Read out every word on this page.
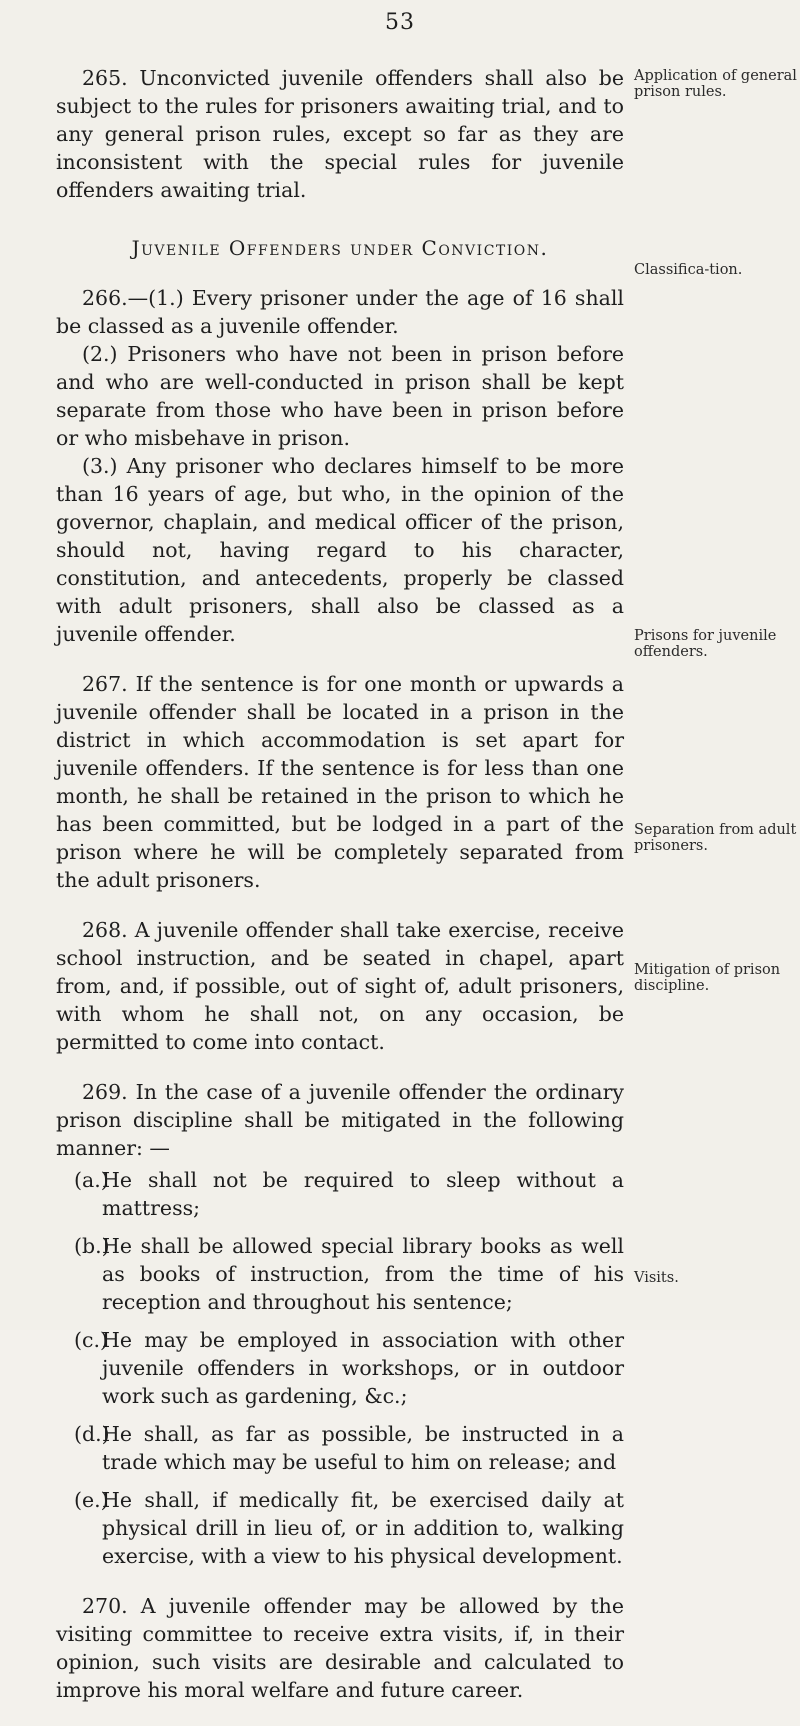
53

265. Unconvicted juvenile offenders shall also be subject to the rules for prisoners awaiting trial, and to any general prison rules, except so far as they are inconsistent with the special rules for juvenile offenders awaiting trial.

Juvenile Offenders under Conviction.

266.—(1.) Every prisoner under the age of 16 shall be classed as a juvenile offender.

(2.) Prisoners who have not been in prison before and who are well-conducted in prison shall be kept separate from those who have been in prison before or who misbehave in prison.

(3.) Any prisoner who declares himself to be more than 16 years of age, but who, in the opinion of the governor, chaplain, and medical officer of the prison, should not, having regard to his character, constitution, and antecedents, properly be classed with adult prisoners, shall also be classed as a juvenile offender.

267. If the sentence is for one month or upwards a juvenile offender shall be located in a prison in the district in which accommodation is set apart for juvenile offenders. If the sentence is for less than one month, he shall be retained in the prison to which he has been committed, but be lodged in a part of the prison where he will be completely separated from the adult prisoners.

268. A juvenile offender shall take exercise, receive school instruction, and be seated in chapel, apart from, and, if possible, out of sight of, adult prisoners, with whom he shall not, on any occasion, be permitted to come into contact.

269. In the case of a juvenile offender the ordinary prison discipline shall be mitigated in the following manner: —

(a.)
He shall not be required to sleep without a mattress;
(b.)
He shall be allowed special library books as well as books of instruction, from the time of his reception and throughout his sentence;
(c.)
He may be employed in association with other juvenile offenders in workshops, or in outdoor work such as gardening, &c.;
(d.)
He shall, as far as possible, be instructed in a trade which may be useful to him on release; and
(e.)
He shall, if medically fit, be exercised daily at physical drill in lieu of, or in addition to, walking exercise, with a view to his physical development.

270. A juvenile offender may be allowed by the visiting committee to receive extra visits, if, in their opinion, such visits are desirable and calculated to improve his moral welfare and future career.

Application of general prison rules.
Classifica-tion.
Prisons for juvenile offenders.
Separation from adult prisoners.
Mitigation of prison discipline.
Visits.
